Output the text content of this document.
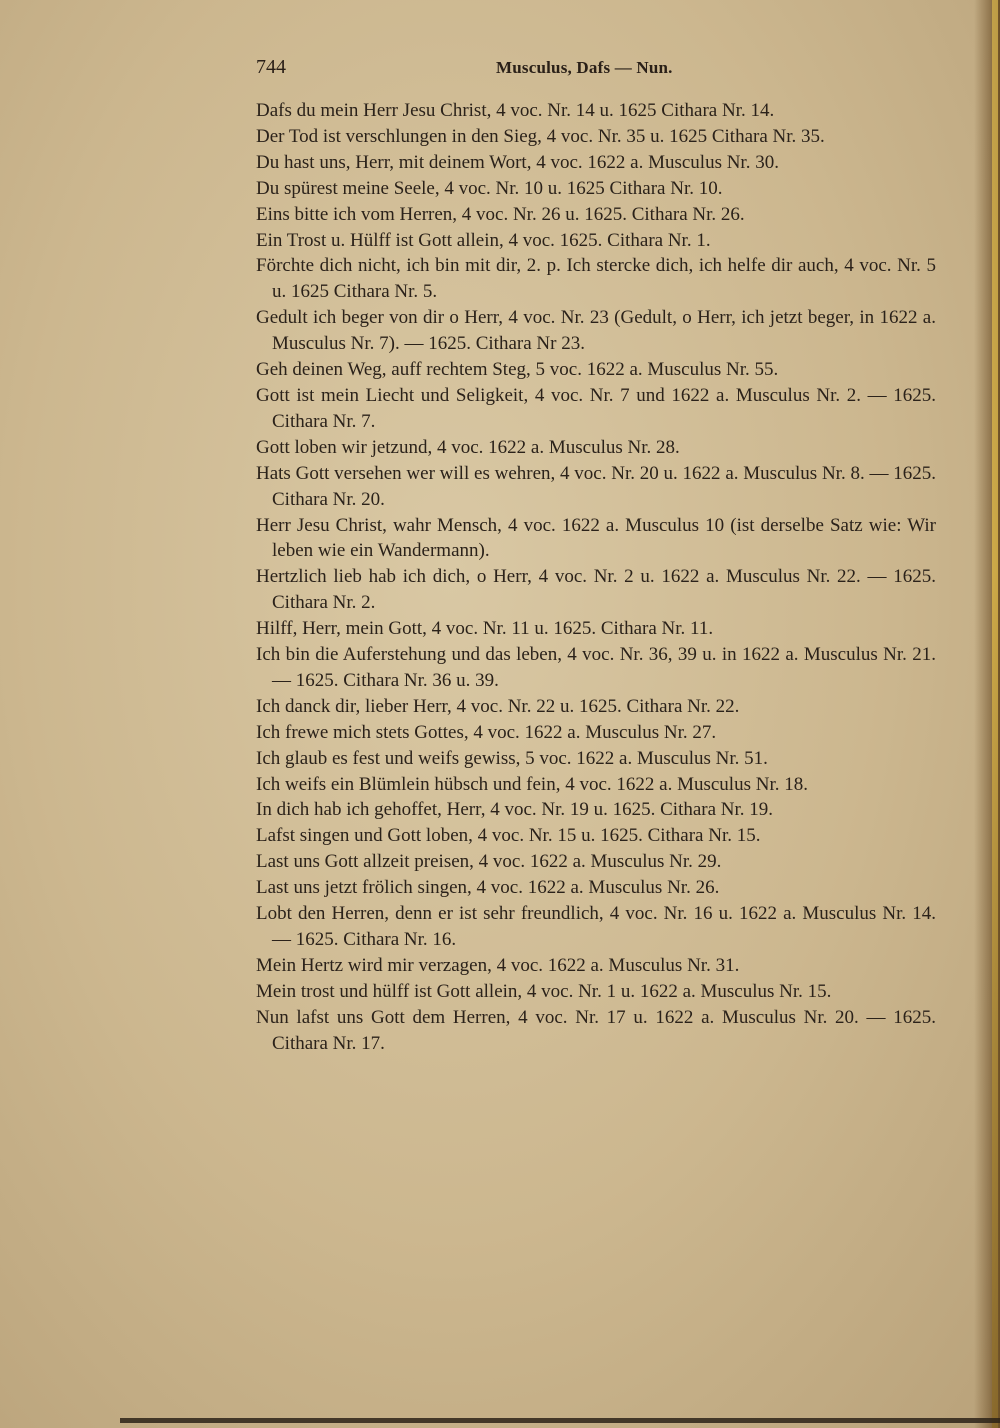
744	Musculus, Dafs — Nun.
Dafs du mein Herr Jesu Christ, 4 voc. Nr. 14 u. 1625 Cithara Nr. 14.
Der Tod ist verschlungen in den Sieg, 4 voc. Nr. 35 u. 1625 Cithara Nr. 35.
Du hast uns, Herr, mit deinem Wort, 4 voc. 1622 a. Musculus Nr. 30.
Du spürest meine Seele, 4 voc. Nr. 10 u. 1625 Cithara Nr. 10.
Eins bitte ich vom Herren, 4 voc. Nr. 26 u. 1625. Cithara Nr. 26.
Ein Trost u. Hülff ist Gott allein, 4 voc. 1625. Cithara Nr. 1.
Förchte dich nicht, ich bin mit dir, 2. p. Ich stercke dich, ich helfe dir auch, 4 voc. Nr. 5 u. 1625 Cithara Nr. 5.
Gedult ich beger von dir o Herr, 4 voc. Nr. 23 (Gedult, o Herr, ich jetzt beger, in 1622 a. Musculus Nr. 7). — 1625. Cithara Nr 23.
Geh deinen Weg, auff rechtem Steg, 5 voc. 1622 a. Musculus Nr. 55.
Gott ist mein Liecht und Seligkeit, 4 voc. Nr. 7 und 1622 a. Musculus Nr. 2. — 1625. Cithara Nr. 7.
Gott loben wir jetzund, 4 voc. 1622 a. Musculus Nr. 28.
Hats Gott versehen wer will es wehren, 4 voc. Nr. 20 u. 1622 a. Musculus Nr. 8. — 1625. Cithara Nr. 20.
Herr Jesu Christ, wahr Mensch, 4 voc. 1622 a. Musculus 10 (ist derselbe Satz wie: Wir leben wie ein Wandermann).
Hertzlich lieb hab ich dich, o Herr, 4 voc. Nr. 2 u. 1622 a. Musculus Nr. 22. — 1625. Cithara Nr. 2.
Hilff, Herr, mein Gott, 4 voc. Nr. 11 u. 1625. Cithara Nr. 11.
Ich bin die Auferstehung und das leben, 4 voc. Nr. 36, 39 u. in 1622 a. Musculus Nr. 21. — 1625. Cithara Nr. 36 u. 39.
Ich danck dir, lieber Herr, 4 voc. Nr. 22 u. 1625. Cithara Nr. 22.
Ich frewe mich stets Gottes, 4 voc. 1622 a. Musculus Nr. 27.
Ich glaub es fest und weifs gewiss, 5 voc. 1622 a. Musculus Nr. 51.
Ich weifs ein Blümlein hübsch und fein, 4 voc. 1622 a. Musculus Nr. 18.
In dich hab ich gehoffet, Herr, 4 voc. Nr. 19 u. 1625. Cithara Nr. 19.
Lafst singen und Gott loben, 4 voc. Nr. 15 u. 1625. Cithara Nr. 15.
Last uns Gott allzeit preisen, 4 voc. 1622 a. Musculus Nr. 29.
Last uns jetzt frölich singen, 4 voc. 1622 a. Musculus Nr. 26.
Lobt den Herren, denn er ist sehr freundlich, 4 voc. Nr. 16 u. 1622 a. Musculus Nr. 14. — 1625. Cithara Nr. 16.
Mein Hertz wird mir verzagen, 4 voc. 1622 a. Musculus Nr. 31.
Mein trost und hülff ist Gott allein, 4 voc. Nr. 1 u. 1622 a. Musculus Nr. 15.
Nun lafst uns Gott dem Herren, 4 voc. Nr. 17 u. 1622 a. Musculus Nr. 20. — 1625. Cithara Nr. 17.
